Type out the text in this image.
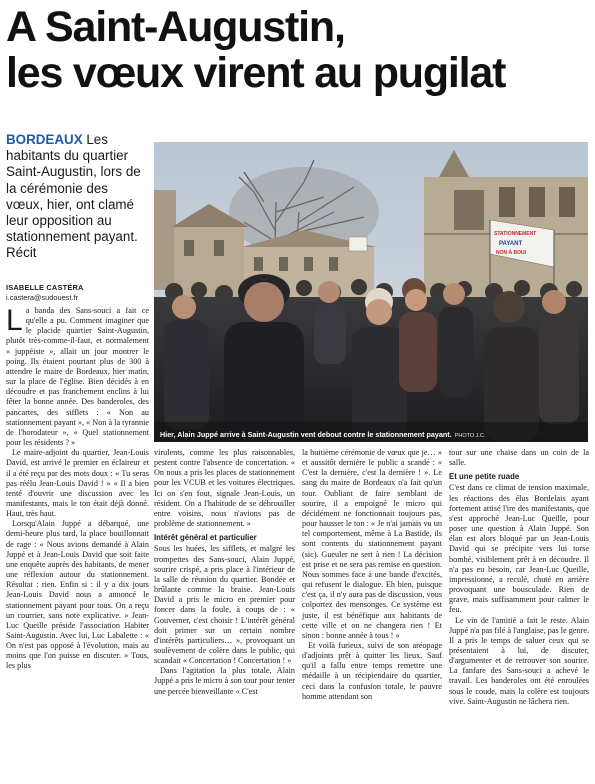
A Saint-Augustin,
les vœux virent au pugilat
BORDEAUX Les habitants du quartier Saint-Augustin, lors de la cérémonie des vœux, hier, ont clamé leur opposition au stationnement payant. Récit
ISABELLE CASTÉRA
i.castera@sudouest.fr
STATIONNEMENT
PAYANT
NON À BOUI
Hier, Alain Juppé arrive à Saint-Augustin vent debout contre le stationnement payant. PHOTO J.C.

La banda des Sans-souci a fait ce qu'elle a pu. Comment imaginer que le placide quartier Saint-Augustin, plutôt très-comme-il-faut, et normalement « juppéiste », allait un jour montrer le poing. Ils étaient pourtant plus de 300 à attendre le maire de Bordeaux, hier matin, sur la place de l'église. Bien décidés à en découdre et pas franchement enclins à lui fêter la bonne année. Des banderoles, des pancartes, des sifflets : « Non au stationnement payant », « Non à la tyrannie de l'horodateur », « Quel stationnement pour les résidents ? »

Le maire-adjoint du quartier, Jean-Louis David, est arrivé le premier en éclaireur et il a été reçu par des mots doux : « Tu seras pas réélu Jean-Louis David ! » « Il a bien tenté d'ouvrir une discussion avec les manifestants, mais le ton était déjà donné. Haut, très haut.

Lorsqu'Alain Juppé a débarqué, une demi-heure plus tard, la place bouillonnait de rage : « Nous avions demandé à Alain Juppé et à Jean-Louis David que soit faite une enquête auprès des habitants, de mener une réflexion autour du stationnement. Résultat : rien. Enfin si : il y a dix jours Jean-Louis David nous a annoncé le stationnement payant pour tous. On a reçu un courrier, sans note explicative. » Jean-Luc Queille préside l'association Habiter Saint-Augustin. Avec lui, Luc Labalette : « On n'est pas opposé à l'évolution, mais au moins que l'on puisse en discuter. » Tous, les plus

virulents, comme les plus raisonnables, pestent contre l'absence de concertation. « On nous a pris les places de stationnement pour les VCUB et les voitures électriques. Ici on s'en fout, signale Jean-Louis, un résident. On a l'habitude de se débrouiller entre voisins, nous n'avions pas de problème de stationnement. »

Intérêt général et particulier

Sous les huées, les sifflets, et malgré les trompettes des Sans-souci, Alain Juppé, sourire crispé, a pris place à l'intérieur de la salle de réunion du quartier. Bondée et brûlante comme la braise. Jean-Louis David a pris le micro en premier pour foncer dans la foule, à coups de : « Gouverner, c'est choisir ! L'intérêt général doit primer sur un certain nombre d'intérêts particuliers… », provoquant un soulèvement de colère dans le public, qui scandait « Concertation ! Concertation ! »

Dans l'agitation la plus totale, Alain Juppé a pris le micro à son tour pour tenter une percée bienveillante « C'est

la huitième cérémonie de vœux que je… » et aussitôt dernière le public a scandé : « C'est la dernière, c'est la dernière ! ». Le sang du maire de Bordeaux n'a fait qu'un tour. Oubliant de faire semblant de sourire, il a empoigné le micro qui décidément ne fonctionnait toujours pas, pour hausser le ton : « Je n'ai jamais vu un tel comportement, même à La Bastide, ils sont contents du stationnement payant (sic). Gueuler ne sert à rien ! La décision est prise et ne sera pas remise en question. Nous sommes face à une bande d'excités, qui refusent le dialogue. Eh bien, puisque c'est ça, il n'y aura pas de discussion, vous colportez des mensonges. Ce système est juste, il est bénéfique aux habitants de cette ville et on ne changera rien ! Et sinon : bonne année à tous ! »

Et voilà furieux, suivi de son aréopage d'adjoints prêt à quitter les lieux. Sauf qu'il a fallu entre temps remettre une médaille à un récipiendaire du quartier, ceci dans la confusion totale, le pauvre homme attendant son

tour sur une chaise dans un coin de la salle.

Et une petite ruade

C'est dans ce climat de tension maximale, les réactions des élus Bordelais ayant fortement attisé l'ire des manifestants, que s'est approché Jean-Luc Queille, pour poser une question à Alain Juppé. Son élan est alors bloqué par un Jean-Louis David qui se précipite vers lui torse bombé, visiblement prêt à en découdre. Il n'a pas eu besoin, car Jean-Luc Queille, impressionné, a reculé, chuté en arrière provoquant une bousculade. Rien de grave, mais suffisamment pour calmer le feu.

Le vin de l'amitié a fait le reste. Alain Juppé n'a pas filé à l'anglaise, pas le genre. Il a pris le temps de saluer ceux qui se présentaient à lui, de discuter, d'argumenter et de retrouver son sourire. La fanfare des Sans-souci a achevé le travail. Les banderoles ont été enroulées sous le coude, mais la colère est toujours vive. Saint-Augustin ne lâchera rien.
